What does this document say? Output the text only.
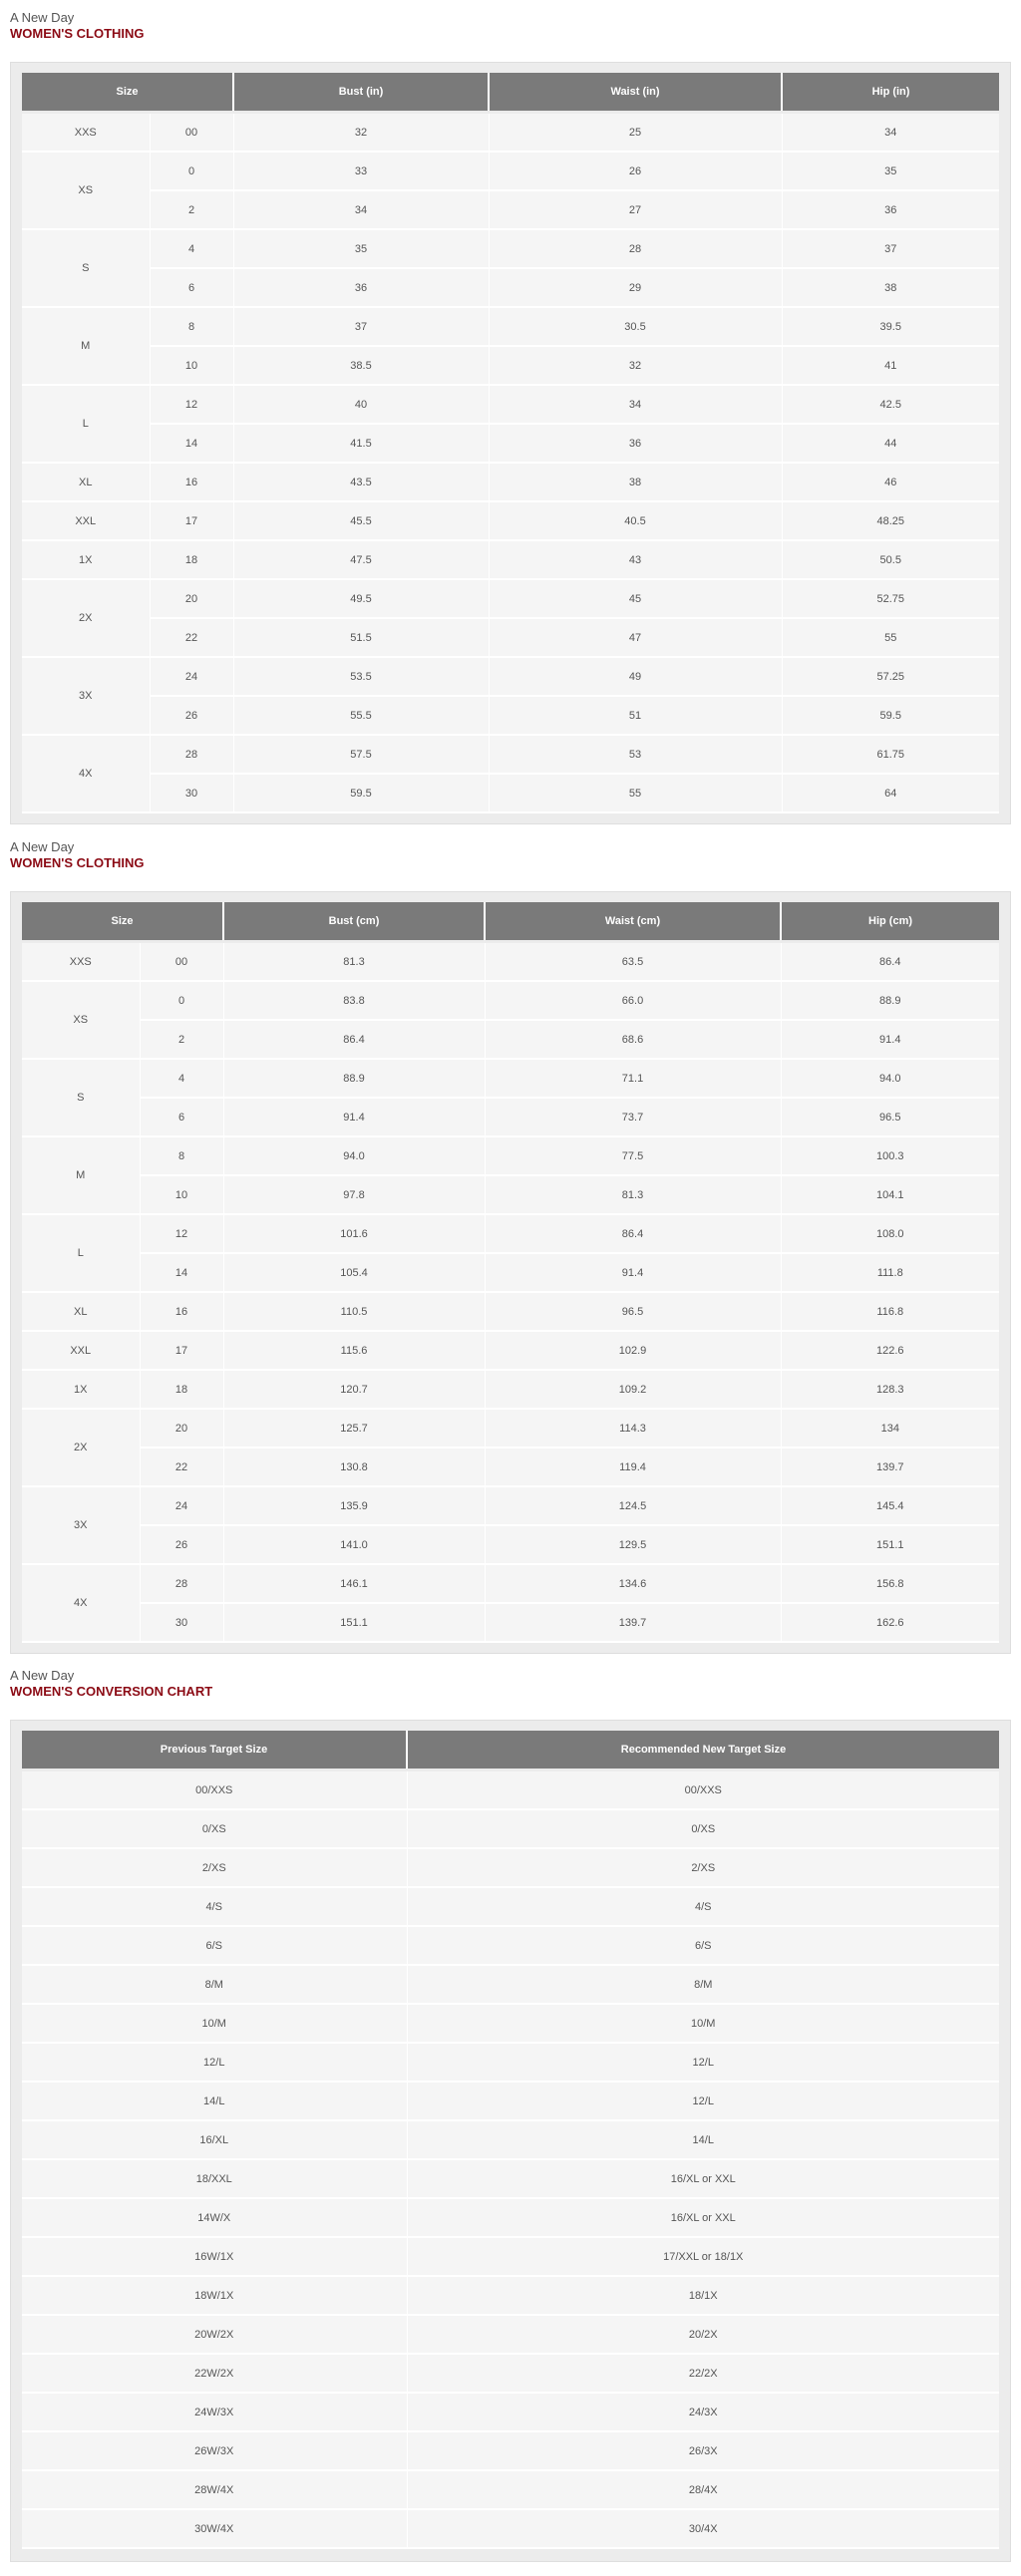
A New Day
WOMEN'S CLOTHING
Size		Bust (in)	Waist (in)	Hip (in)
XXS	00	32	25	34
XS	0	33	26	35
	2	34	27	36
S	4	35	28	37
	6	36	29	38
M	8	37	30.5	39.5
	10	38.5	32	41
L	12	40	34	42.5
	14	41.5	36	44
XL	16	43.5	38	46
XXL	17	45.5	40.5	48.25
1X	18	47.5	43	50.5
2X	20	49.5	45	52.75
	22	51.5	47	55
3X	24	53.5	49	57.25
	26	55.5	51	59.5
4X	28	57.5	53	61.75
	30	59.5	55	64
A New Day
WOMEN'S CLOTHING
Size		Bust (cm)	Waist (cm)	Hip (cm)
XXS	00	81.3	63.5	86.4
XS	0	83.8	66.0	88.9
	2	86.4	68.6	91.4
S	4	88.9	71.1	94.0
	6	91.4	73.7	96.5
M	8	94.0	77.5	100.3
	10	97.8	81.3	104.1
L	12	101.6	86.4	108.0
	14	105.4	91.4	111.8
XL	16	110.5	96.5	116.8
XXL	17	115.6	102.9	122.6
1X	18	120.7	109.2	128.3
2X	20	125.7	114.3	134
	22	130.8	119.4	139.7
3X	24	135.9	124.5	145.4
	26	141.0	129.5	151.1
4X	28	146.1	134.6	156.8
	30	151.1	139.7	162.6
A New Day
WOMEN'S CONVERSION CHART
Previous Target Size	Recommended New Target Size
00/XXS	00/XXS
0/XS	0/XS
2/XS	2/XS
4/S	4/S
6/S	6/S
8/M	8/M
10/M	10/M
12/L	12/L
14/L	12/L
16/XL	14/L
18/XXL	16/XL or XXL
14W/X	16/XL or XXL
16W/1X	17/XXL or 18/1X
18W/1X	18/1X
20W/2X	20/2X
22W/2X	22/2X
24W/3X	24/3X
26W/3X	26/3X
28W/4X	28/4X
30W/4X	30/4X
